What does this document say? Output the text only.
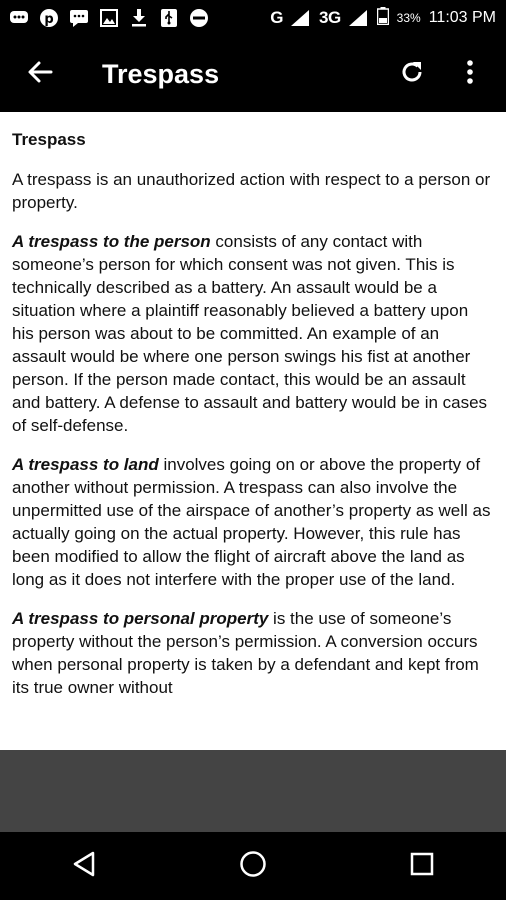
p	G 3G	33% 11:03 PM
Trespass
Trespass

A trespass is an unauthorized action with respect to a person or property.

A trespass to the person consists of any contact with someone’s person for which consent was not given. This is technically described as a battery. An assault would be a situation where a plaintiff reasonably believed a battery upon his person was about to be committed. An example of an assault would be where one person swings his fist at another person. If the person made contact, this would be an assault and battery. A defense to assault and battery would be in cases of self-defense.

A trespass to land involves going on or above the property of another without permission. A trespass can also involve the unpermitted use of the airspace of another’s property as well as actually going on the actual property. However, this rule has been modified to allow the flight of aircraft above the land as long as it does not interfere with the proper use of the land.

A trespass to personal property is the use of someone’s property without the person’s permission. A conversion occurs when personal property is taken by a defendant and kept from its true owner without
